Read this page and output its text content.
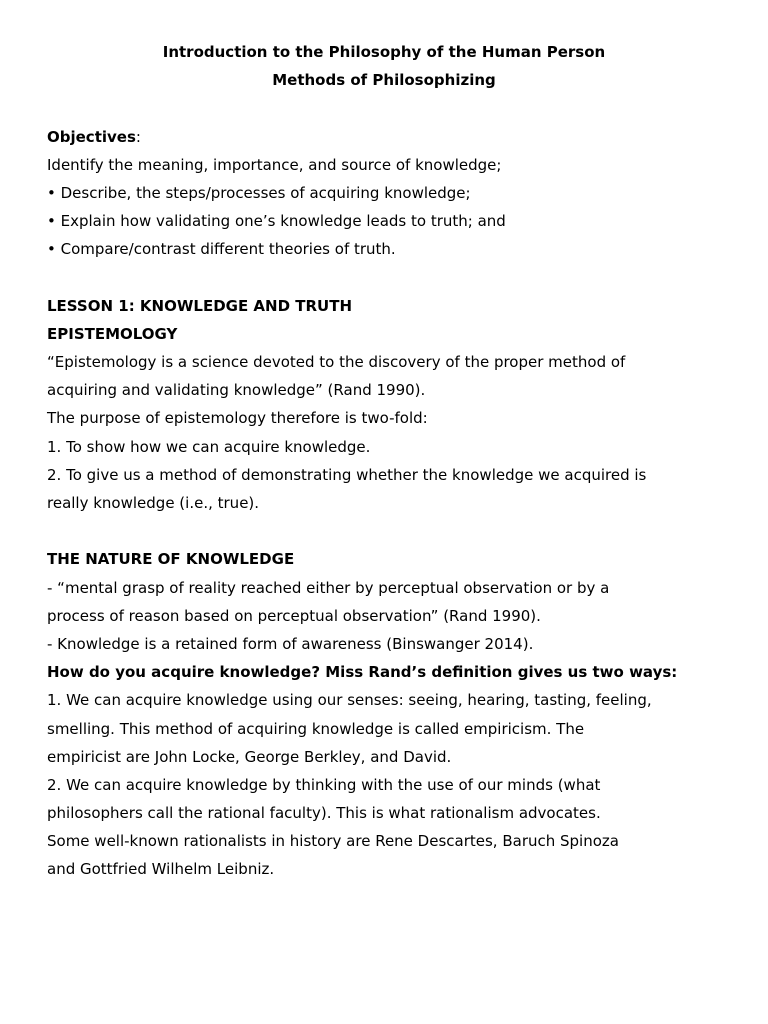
Introduction to the Philosophy of the Human Person
Methods of Philosophizing
Objectives:
Identify the meaning, importance, and source of knowledge;
• Describe, the steps/processes of acquiring knowledge;
• Explain how validating one’s knowledge leads to truth; and
• Compare/contrast different theories of truth.
LESSON 1: KNOWLEDGE AND TRUTH
EPISTEMOLOGY
“Epistemology is a science devoted to the discovery of the proper method of
acquiring and validating knowledge” (Rand 1990).
The purpose of epistemology therefore is two-fold:
1. To show how we can acquire knowledge.
2. To give us a method of demonstrating whether the knowledge we acquired is
really knowledge (i.e., true).
THE NATURE OF KNOWLEDGE
- “mental grasp of reality reached either by perceptual observation or by a
process of reason based on perceptual observation” (Rand 1990).
- Knowledge is a retained form of awareness (Binswanger 2014).
How do you acquire knowledge? Miss Rand’s definition gives us two ways:
1. We can acquire knowledge using our senses: seeing, hearing, tasting, feeling,
smelling. This method of acquiring knowledge is called empiricism. The
empiricist are John Locke, George Berkley, and David.
2. We can acquire knowledge by thinking with the use of our minds (what
philosophers call the rational faculty). This is what rationalism advocates.
Some well-known rationalists in history are Rene Descartes, Baruch Spinoza
and Gottfried Wilhelm Leibniz.
